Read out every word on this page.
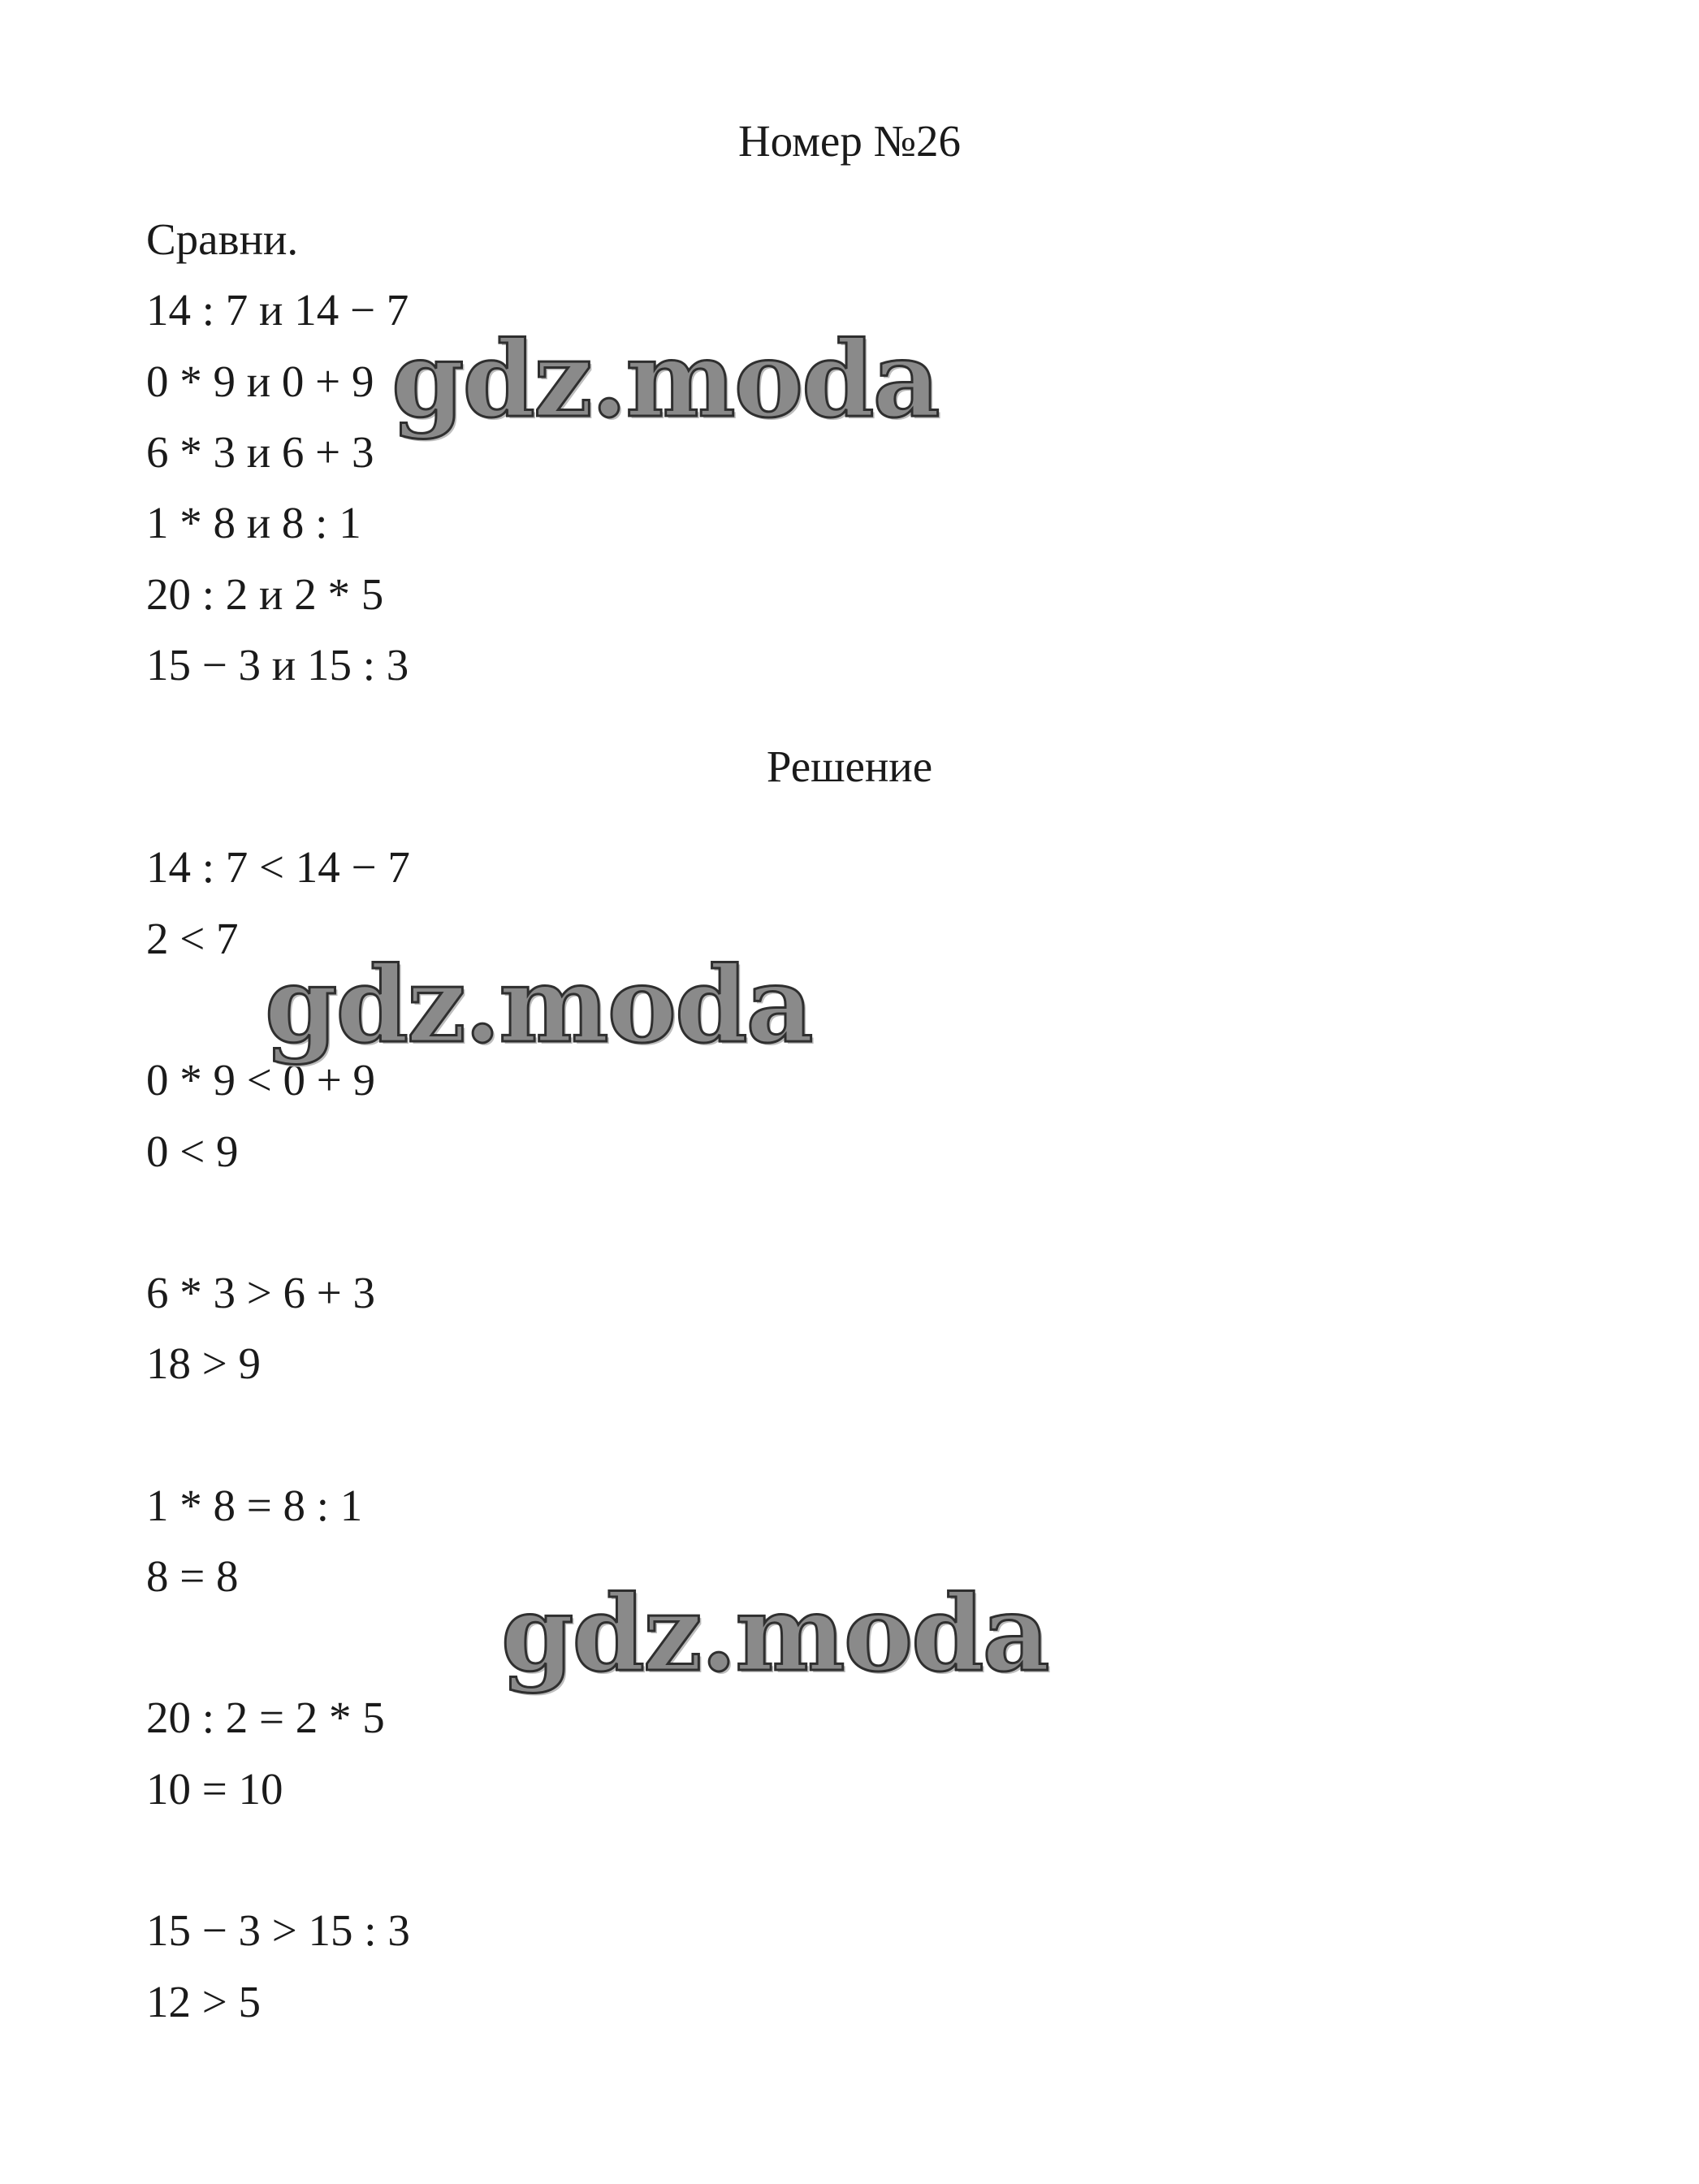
Номер №26
Сравни.
14 : 7 и 14 − 7
0 * 9 и 0 + 9
6 * 3 и 6 + 3
1 * 8 и 8 : 1
20 : 2 и 2 * 5
15 − 3 и 15 : 3
Решение
14 : 7 < 14 − 7
2 < 7
0 * 9 < 0 + 9
0 < 9
6 * 3 > 6 + 3
18 > 9
1 * 8 = 8 : 1
8 = 8
20 : 2 = 2 * 5
10 = 10
15 − 3 > 15 : 3
12 > 5
gdz.moda
gdz.moda
gdz.moda
